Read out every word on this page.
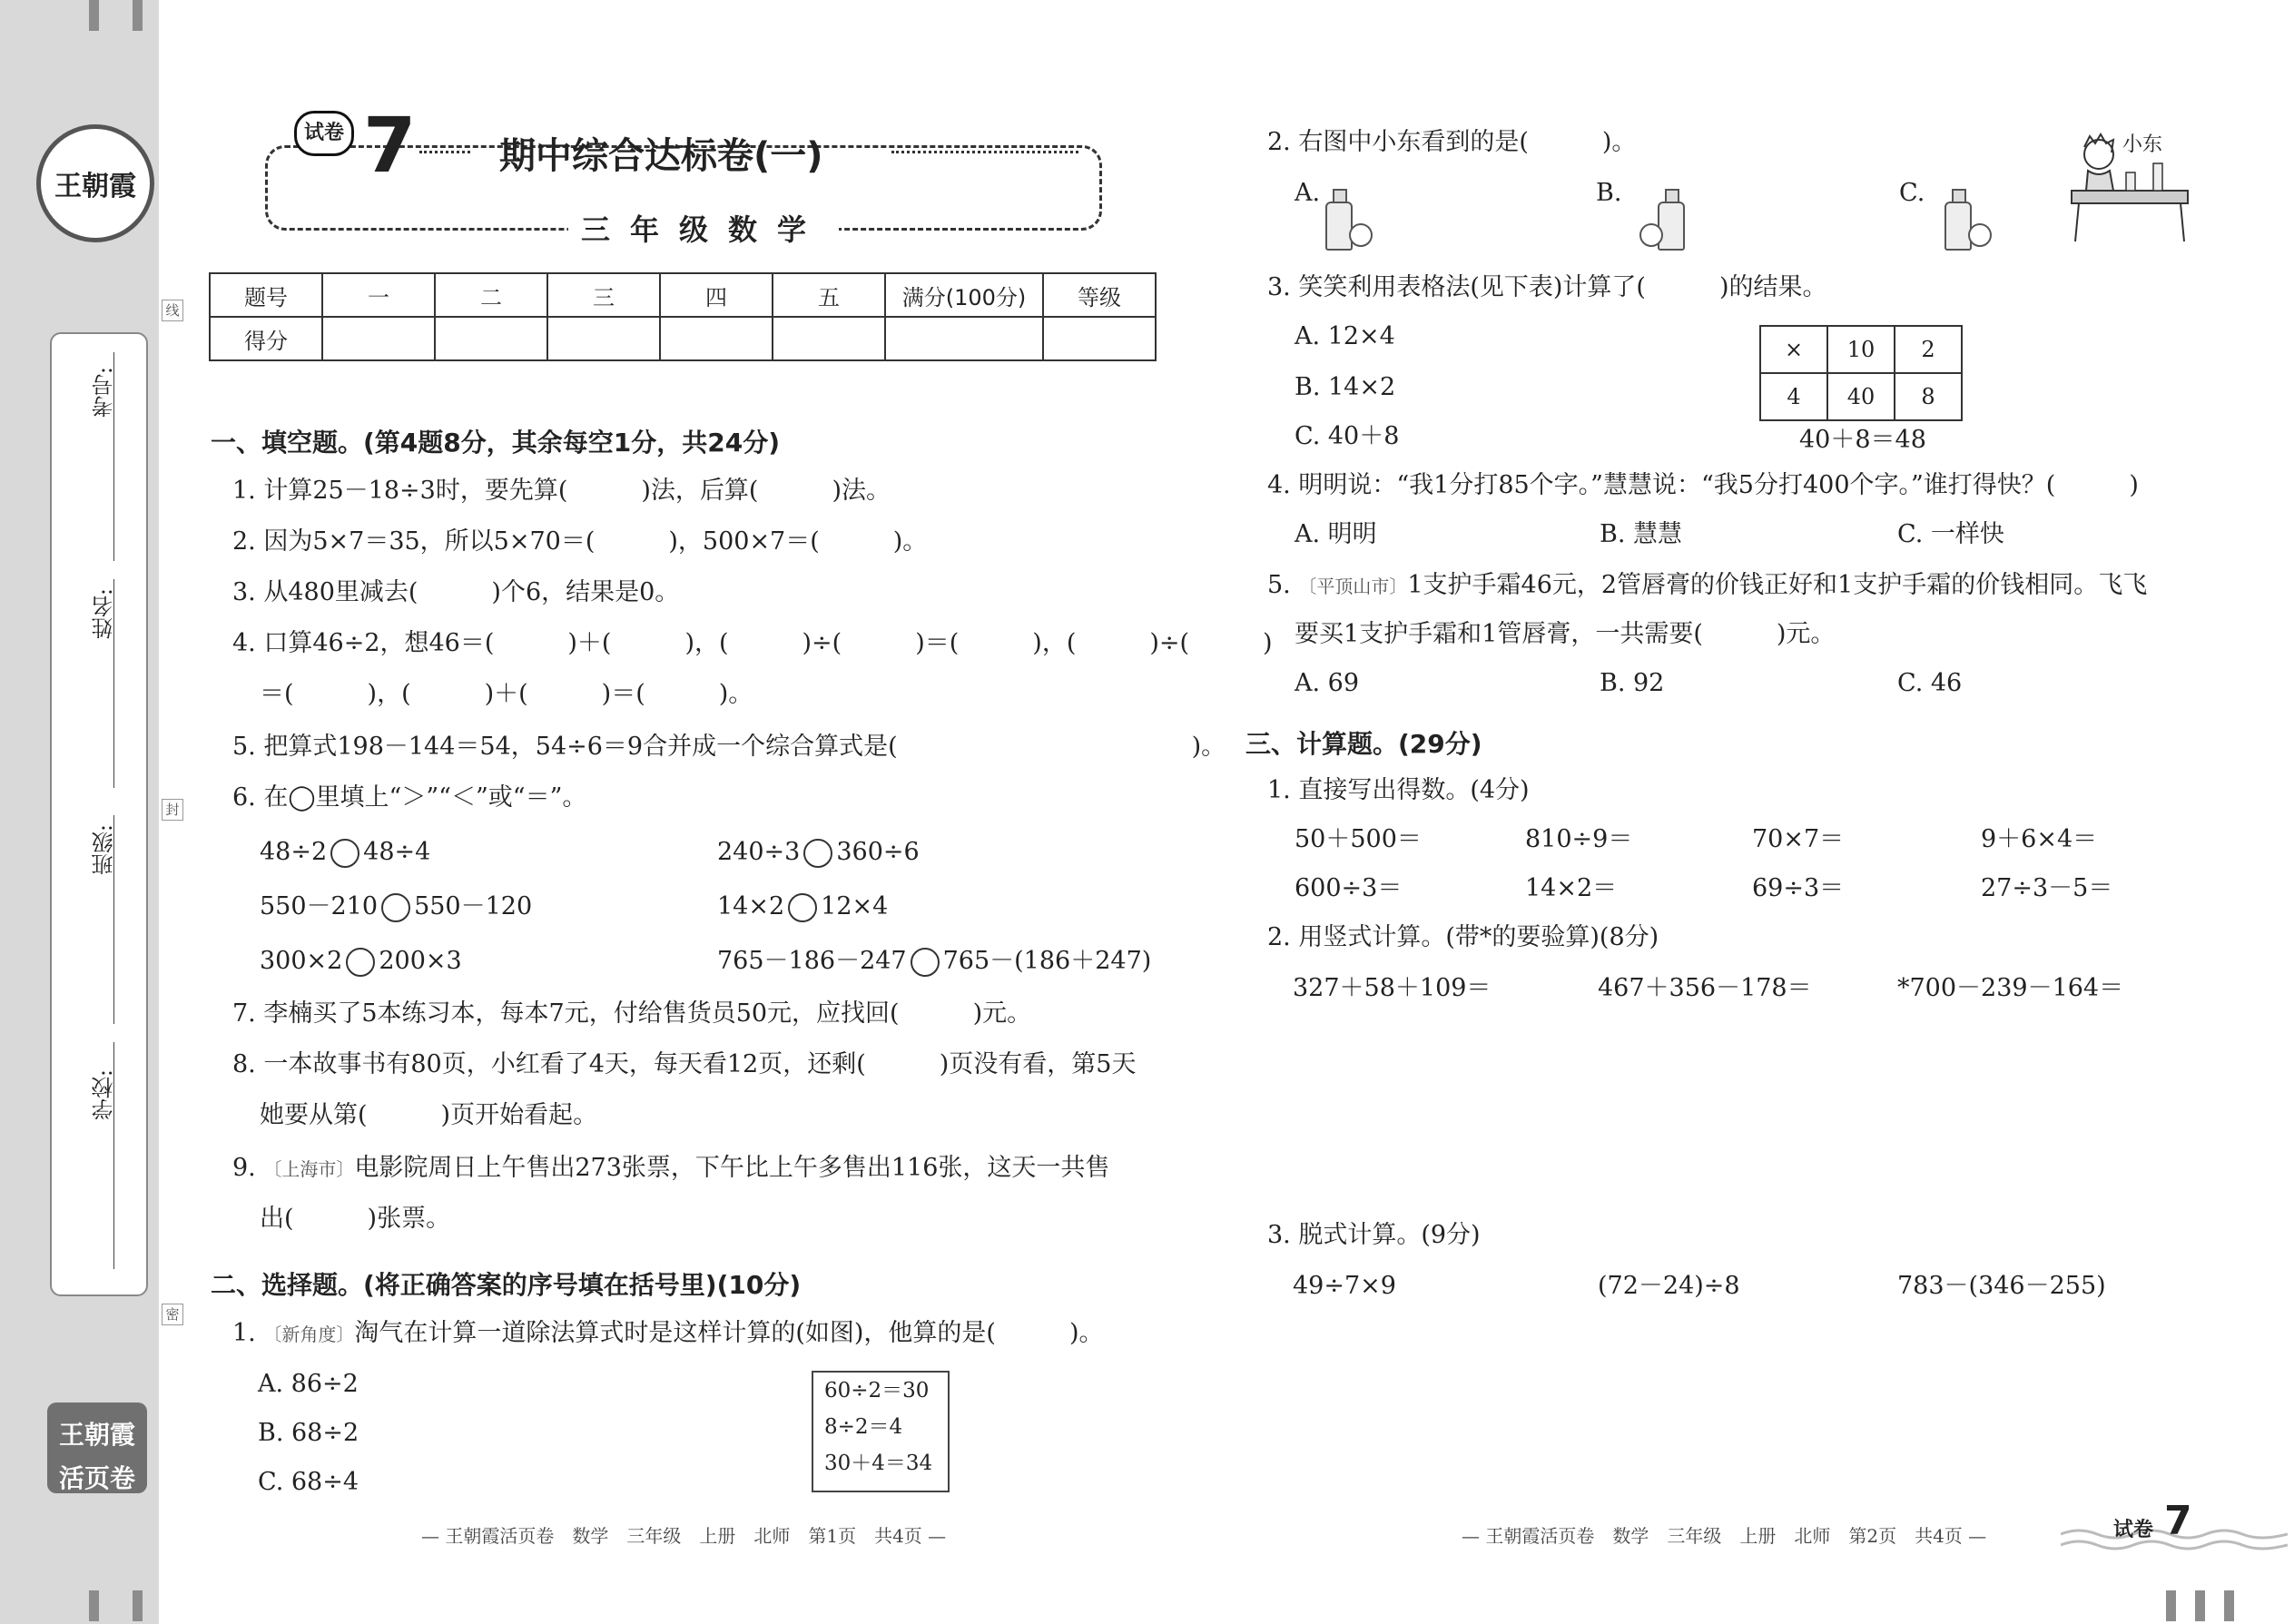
王朝霞
考号:
姓名:
班级:
学校:
线
封
密
王朝霞
活页卷
试卷 7 期中综合达标卷(一)
三年级数学
题号	一	二	三	四	五	满分(100分)	等级
得分							
一、填空题。(第4题8分，其余每空1分，共24分)
1. 计算25－18÷3时，要先算(　　　)法，后算(　　　)法。
2. 因为5×7＝35，所以5×70＝(　　　)，500×7＝(　　　)。
3. 从480里减去(　　　)个6，结果是0。
4. 口算46÷2，想46＝(　　　)＋(　　　)，(　　　)÷(　　　)＝(　　　)，(　　　)÷(　　　)
＝(　　　)，(　　　)＋(　　　)＝(　　　)。
5. 把算式198－144＝54，54÷6＝9合并成一个综合算式是(　　　　　　　　　　　　)。
6. 在◯里填上“＞”“＜”或“＝”。
48÷2 48÷4	240÷3 360÷6
550－210 550－120	14×2 12×4
300×2 200×3	765－186－247 765－(186＋247)
7. 李楠买了5本练习本，每本7元，付给售货员50元，应找回(　　　)元。
8. 一本故事书有80页，小红看了4天，每天看12页，还剩(　　　)页没有看，第5天
她要从第(　　　)页开始看起。
9. 〔上海市〕电影院周日上午售出273张票，下午比上午多售出116张，这天一共售
出(　　　)张票。
二、选择题。(将正确答案的序号填在括号里)(10分)
1. 〔新角度〕淘气在计算一道除法算式时是这样计算的(如图)，他算的是(　　　)。
A. 86÷2
B. 68÷2
C. 68÷4
60÷2＝30
8÷2＝4
30＋4＝34
— 王朝霞活页卷　数学　三年级　上册　北师　第1页　共4页 —
2. 右图中小东看到的是(　　　)。
A.	B.	C.
小东
3. 笑笑利用表格法(见下表)计算了(　　　)的结果。
A. 12×4
B. 14×2
C. 40＋8
×	10	2
4	40	8
40＋8＝48
4. 明明说：“我1分打85个字。”慧慧说：“我5分打400个字。”谁打得快？(　　　)
A. 明明	B. 慧慧	C. 一样快
5. 〔平顶山市〕1支护手霜46元，2管唇膏的价钱正好和1支护手霜的价钱相同。飞飞
要买1支护手霜和1管唇膏，一共需要(　　　)元。
A. 69	B. 92	C. 46
三、计算题。(29分)
1. 直接写出得数。(4分)
50＋500＝	810÷9＝	70×7＝	9＋6×4＝
600÷3＝	14×2＝	69÷3＝	27÷3－5＝
2. 用竖式计算。(带*的要验算)(8分)
327＋58＋109＝	467＋356－178＝	*700－239－164＝
3. 脱式计算。(9分)
49÷7×9	(72－24)÷8	783－(346－255)
— 王朝霞活页卷　数学　三年级　上册　北师　第2页　共4页 —	试卷 7
